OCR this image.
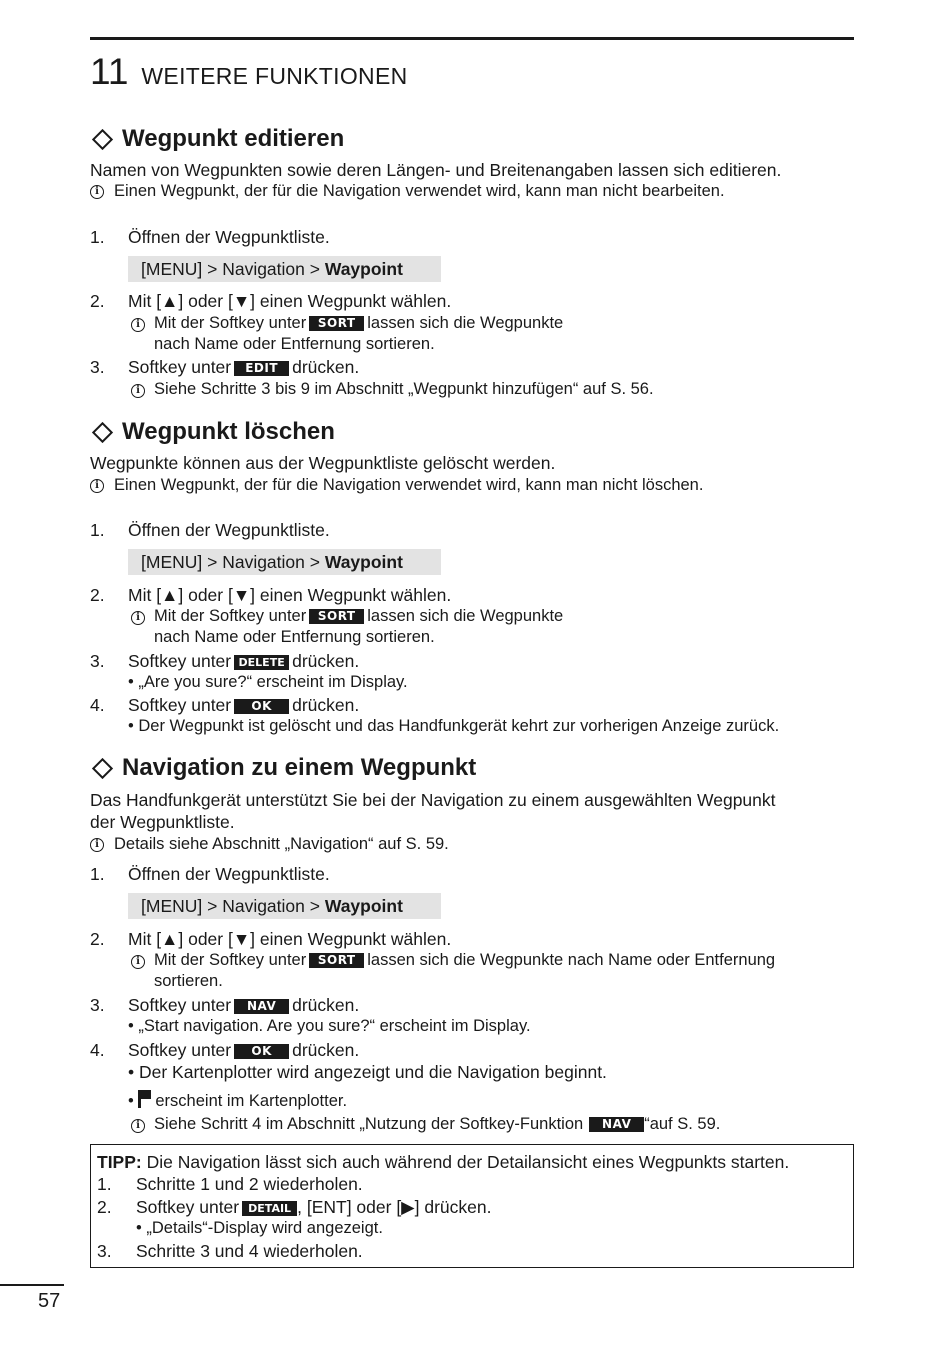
11 WEITERE FUNKTIONEN
Wegpunkt editieren
Namen von Wegpunkten sowie deren Längen- und Breitenangaben lassen sich editieren.
i Einen Wegpunkt, der für die Navigation verwendet wird, kann man nicht bearbeiten.
1. Öffnen der Wegpunktliste.
[MENU] > Navigation > Waypoint
2. Mit [▲] oder [▼] einen Wegpunkt wählen.
i Mit der Softkey unter SORT lassen sich die Wegpunkte
nach Name oder Entfernung sortieren.
3. Softkey unter EDIT drücken.
i Siehe Schritte 3 bis 9 im Abschnitt „Wegpunkt hinzufügen“ auf S. 56.
Wegpunkt löschen
Wegpunkte können aus der Wegpunktliste gelöscht werden.
i Einen Wegpunkt, der für die Navigation verwendet wird, kann man nicht löschen.
1. Öffnen der Wegpunktliste.
[MENU] > Navigation > Waypoint
2. Mit [▲] oder [▼] einen Wegpunkt wählen.
i Mit der Softkey unter SORT lassen sich die Wegpunkte
nach Name oder Entfernung sortieren.
3. Softkey unter DELETE drücken.
• „Are you sure?“ erscheint im Display.
4. Softkey unter OK drücken.
• Der Wegpunkt ist gelöscht und das Handfunkgerät kehrt zur vorherigen Anzeige zurück.
Navigation zu einem Wegpunkt
Das Handfunkgerät unterstützt Sie bei der Navigation zu einem ausgewählten Wegpunkt
der Wegpunktliste.
i Details siehe Abschnitt „Navigation“ auf S. 59.
1. Öffnen der Wegpunktliste.
[MENU] > Navigation > Waypoint
2. Mit [▲] oder [▼] einen Wegpunkt wählen.
i Mit der Softkey unter SORT lassen sich die Wegpunkte nach Name oder Entfernung
sortieren.
3. Softkey unter NAV drücken.
• „Start navigation. Are you sure?“ erscheint im Display.
4. Softkey unter OK drücken.
• Der Kartenplotter wird angezeigt und die Navigation beginnt.
• erscheint im Kartenplotter.
i Siehe Schritt 4 im Abschnitt „Nutzung der Softkey-Funktion NAV “auf S. 59.
TIPP: Die Navigation lässt sich auch während der Detailansicht eines Wegpunkts starten.
1. Schritte 1 und 2 wiederholen.
2. Softkey unter DETAIL , [ENT] oder [▶] drücken.
• „Details“-Display wird angezeigt.
3. Schritte 3 und 4 wiederholen.
57
